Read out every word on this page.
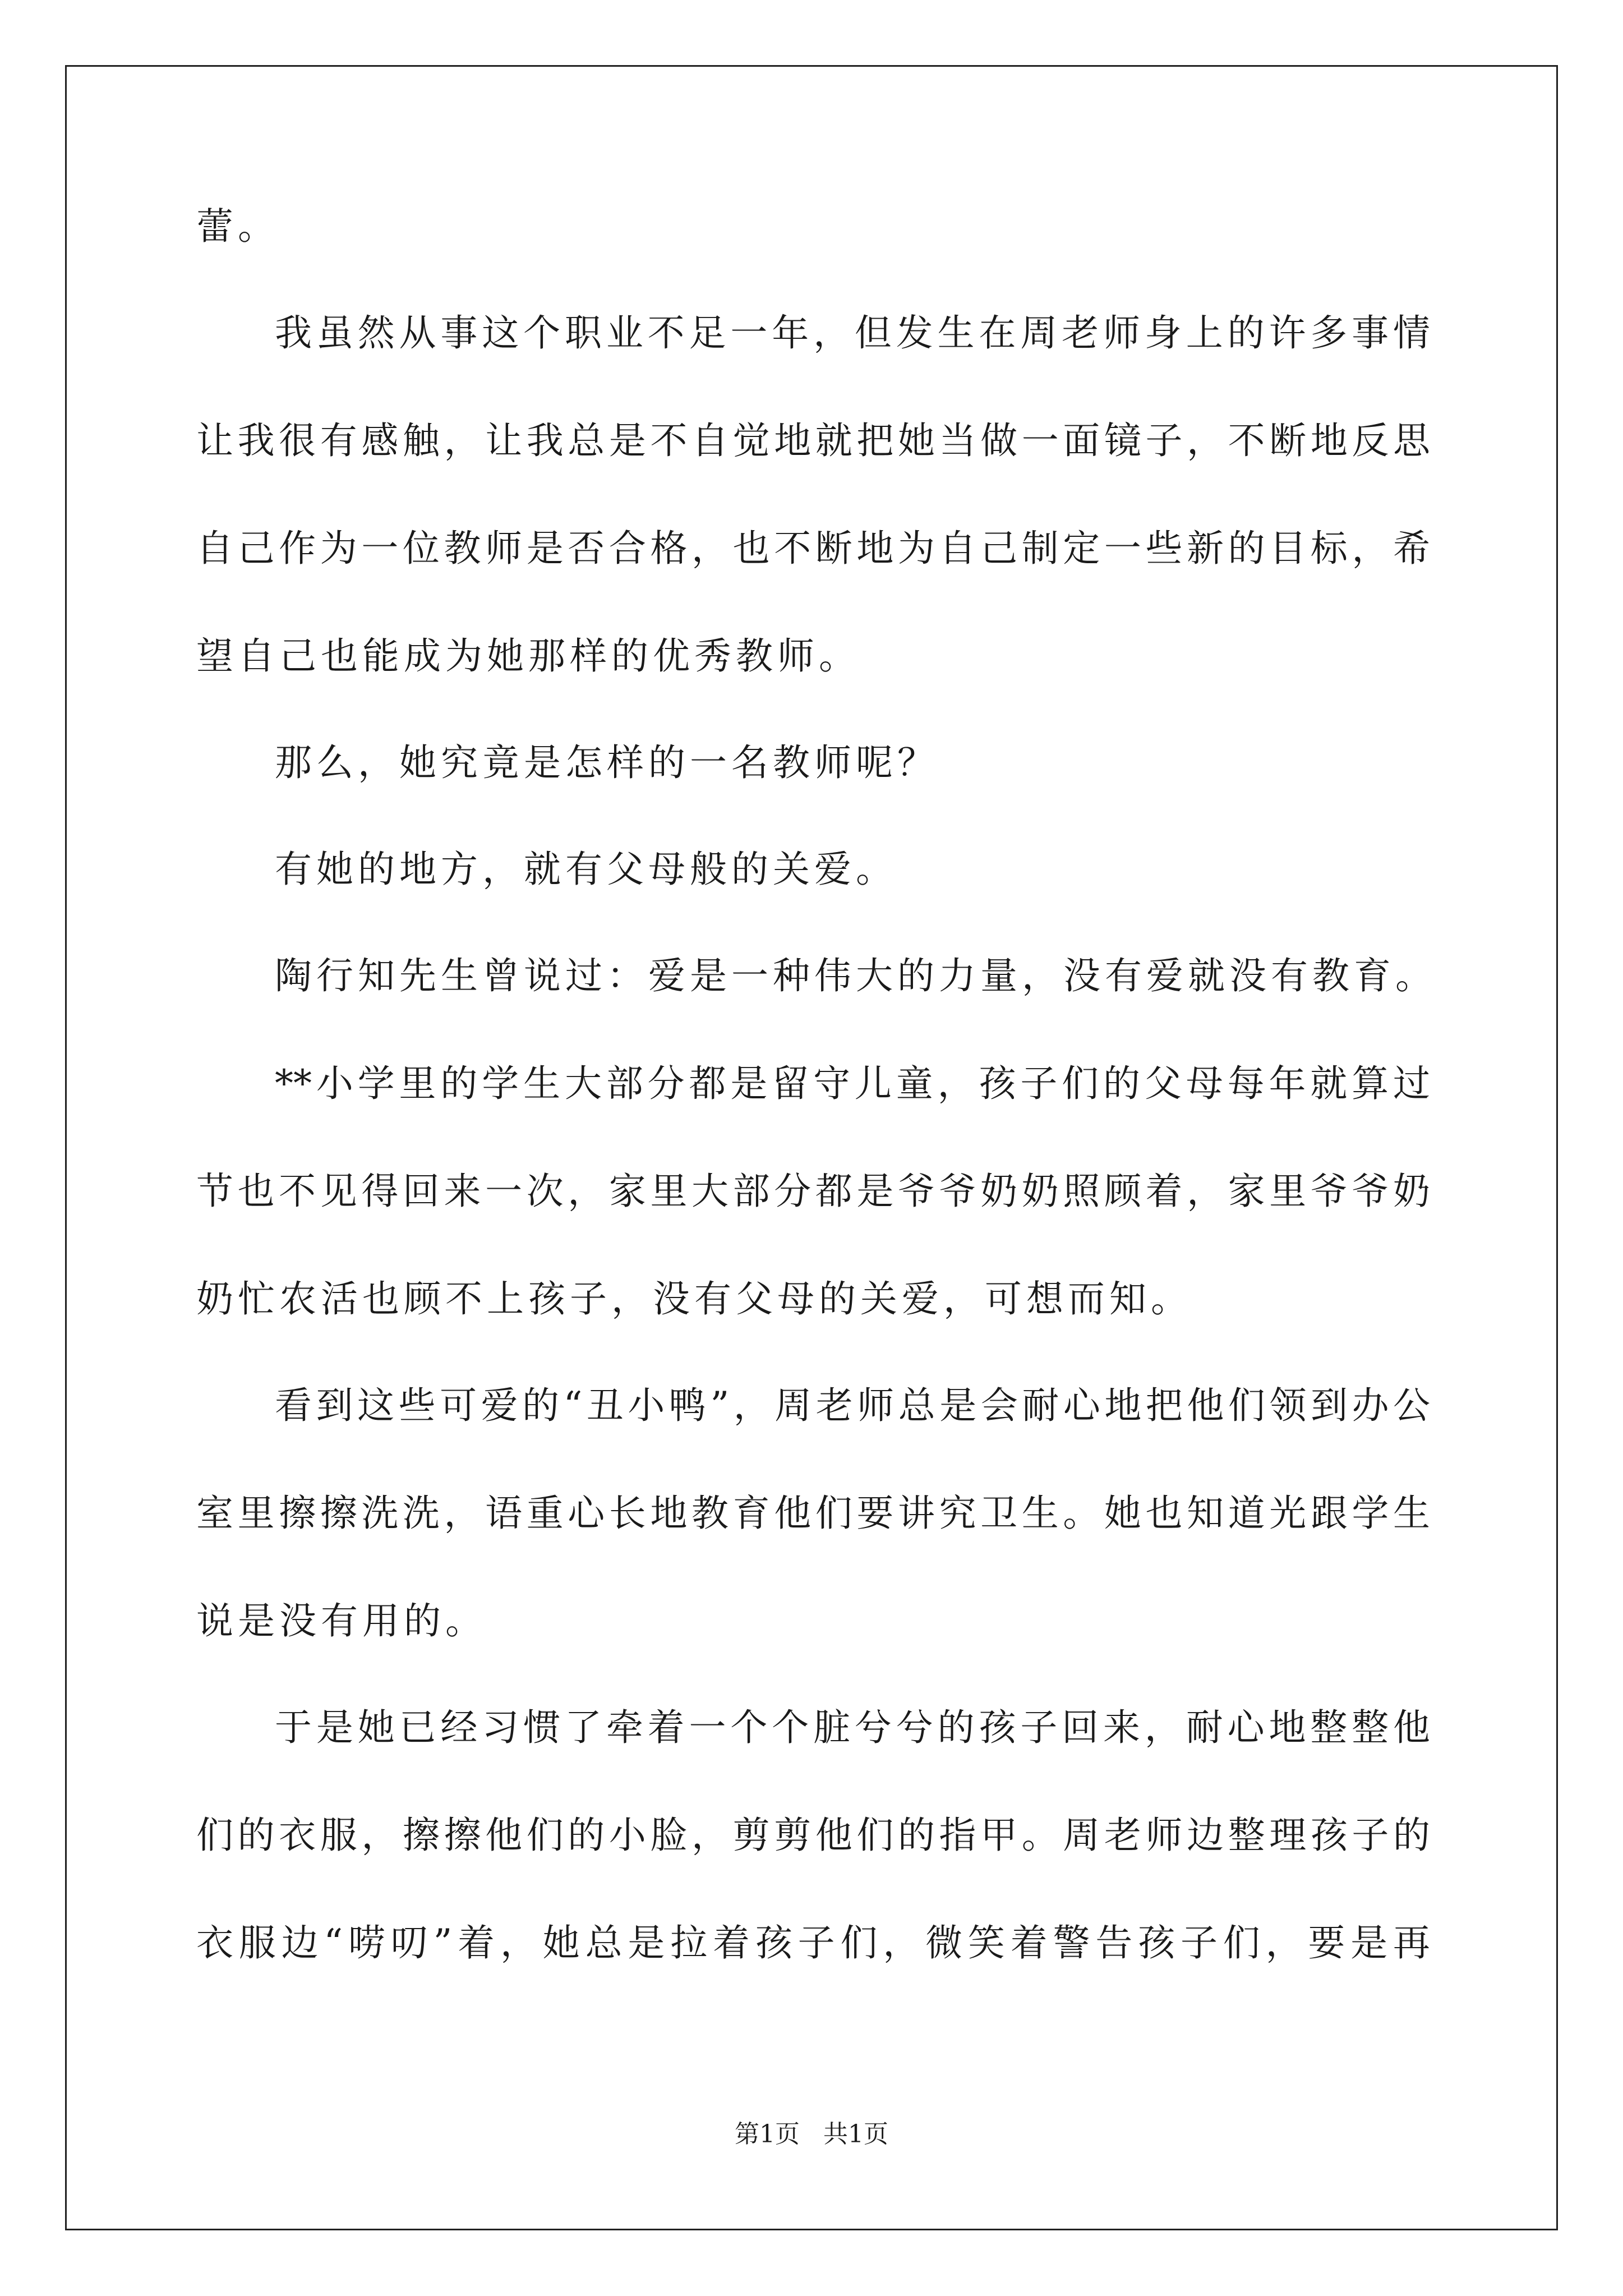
蕾。
我虽然从事这个职业不足一年，但发生在周老师身上的许多事情
让我很有感触，让我总是不自觉地就把她当做一面镜子，不断地反思
自己作为一位教师是否合格，也不断地为自己制定一些新的目标，希
望自己也能成为她那样的优秀教师。
那么，她究竟是怎样的一名教师呢？
有她的地方，就有父母般的关爱。
陶行知先生曾说过：爱是一种伟大的力量，没有爱就没有教育。
**小学里的学生大部分都是留守儿童，孩子们的父母每年就算过
节也不见得回来一次，家里大部分都是爷爷奶奶照顾着，家里爷爷奶
奶忙农活也顾不上孩子，没有父母的关爱，可想而知。
看到这些可爱的“丑小鸭”，周老师总是会耐心地把他们领到办公
室里擦擦洗洗，语重心长地教育他们要讲究卫生。她也知道光跟学生
说是没有用的。
于是她已经习惯了牵着一个个脏兮兮的孩子回来，耐心地整整他
们的衣服，擦擦他们的小脸，剪剪他们的指甲。周老师边整理孩子的
衣服边“唠叨”着，她总是拉着孩子们，微笑着警告孩子们，要是再
第1页   共1页
